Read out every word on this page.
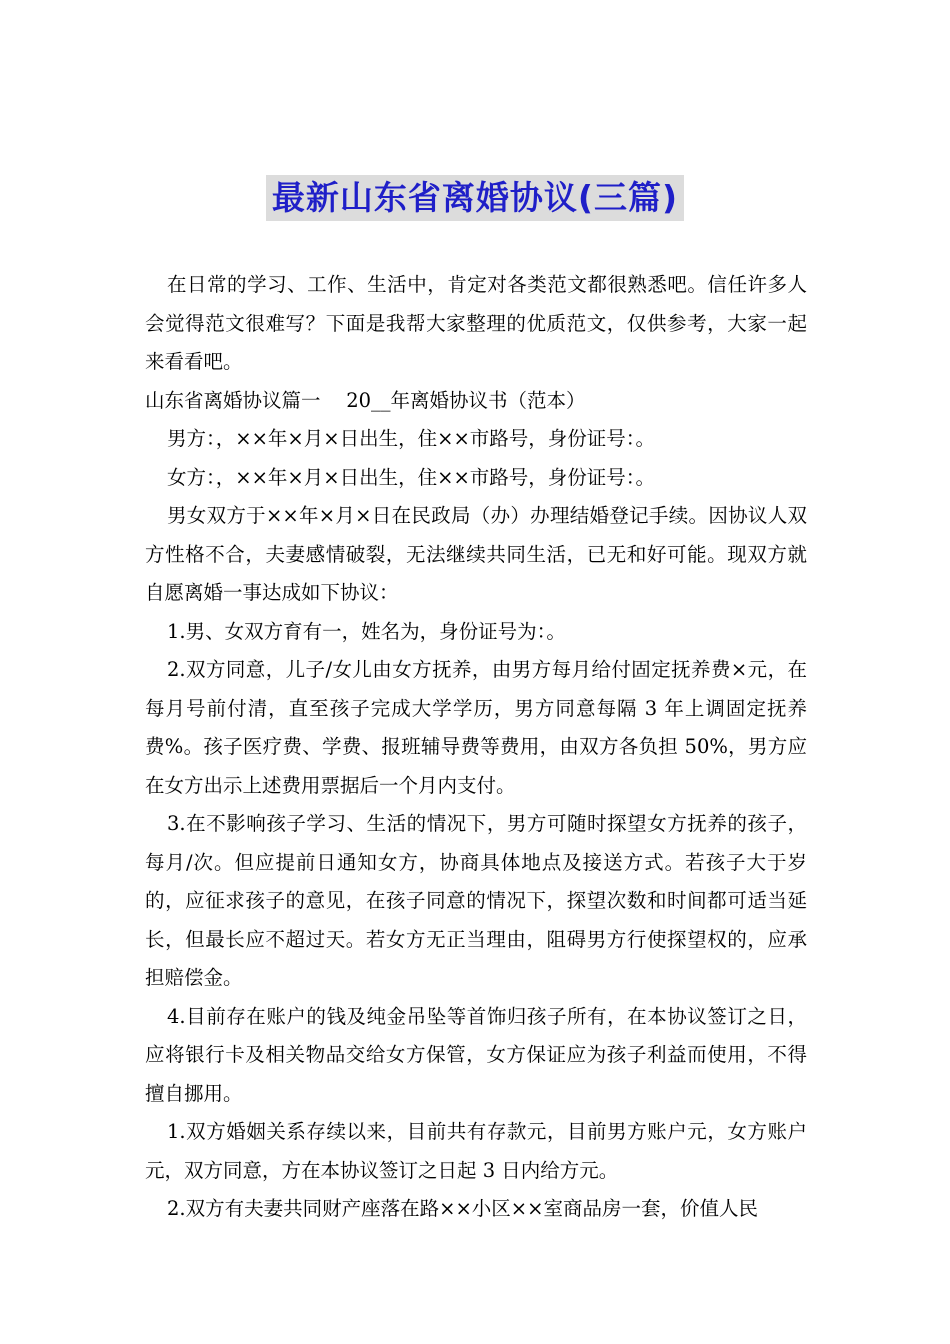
最新山东省离婚协议(三篇)

在日常的学习、工作、生活中，肯定对各类范文都很熟悉吧。信任许多人会觉得范文很难写？下面是我帮大家整理的优质范文，仅供参考，大家一起来看看吧。

山东省离婚协议篇一　 20__年离婚协议书（范本）

男方：，××年×月×日出生，住××市路号，身份证号：。

女方：，××年×月×日出生，住××市路号，身份证号：。

男女双方于××年×月×日在民政局（办）办理结婚登记手续。因协议人双方性格不合，夫妻感情破裂，无法继续共同生活，已无和好可能。现双方就自愿离婚一事达成如下协议：

1.男、女双方育有一，姓名为，身份证号为：。

2.双方同意，儿子/女儿由女方抚养，由男方每月给付固定抚养费×元，在每月号前付清，直至孩子完成大学学历，男方同意每隔 3 年上调固定抚养费%。孩子医疗费、学费、报班辅导费等费用，由双方各负担 50%，男方应在女方出示上述费用票据后一个月内支付。

3.在不影响孩子学习、生活的情况下，男方可随时探望女方抚养的孩子，每月/次。但应提前日通知女方，协商具体地点及接送方式。若孩子大于岁的，应征求孩子的意见，在孩子同意的情况下，探望次数和时间都可适当延长，但最长应不超过天。若女方无正当理由，阻碍男方行使探望权的，应承担赔偿金。

4.目前存在账户的钱及纯金吊坠等首饰归孩子所有，在本协议签订之日，应将银行卡及相关物品交给女方保管，女方保证应为孩子利益而使用，不得擅自挪用。

1.双方婚姻关系存续以来，目前共有存款元，目前男方账户元，女方账户元，双方同意，方在本协议签订之日起 3 日内给方元。

2.双方有夫妻共同财产座落在路××小区××室商品房一套，价值人民
